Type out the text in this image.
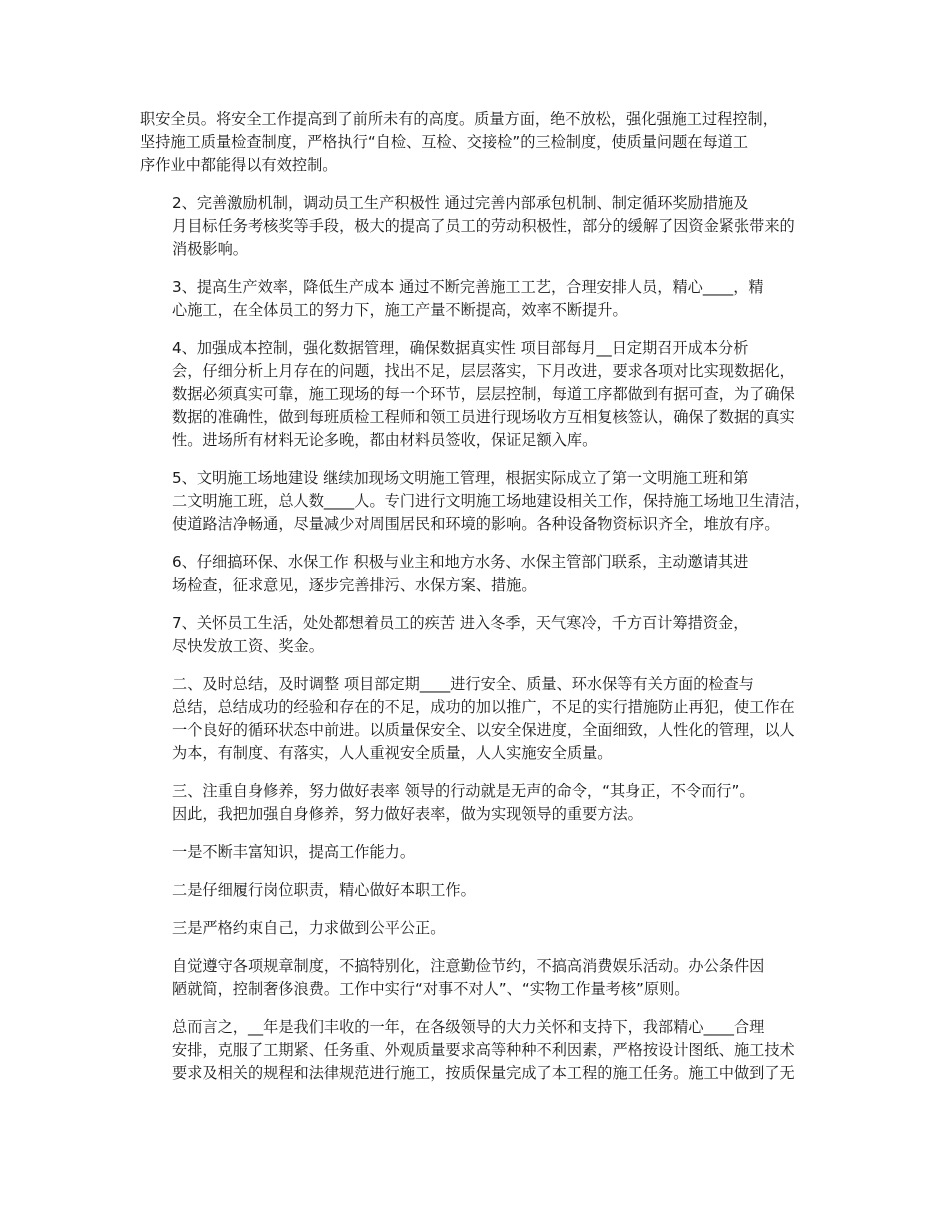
职安全员。将安全工作提高到了前所未有的高度。质量方面，绝不放松，强化强施工过程控制，
坚持施工质量检查制度，严格执行“自检、互检、交接检”的三检制度，使质量问题在每道工
序作业中都能得以有效控制。

2、完善激励机制，调动员工生产积极性 通过完善内部承包机制、制定循环奖励措施及
月目标任务考核奖等手段，极大的提高了员工的劳动积极性，部分的缓解了因资金紧张带来的
消极影响。

3、提高生产效率，降低生产成本 通过不断完善施工工艺，合理安排人员，精心____，精
心施工，在全体员工的努力下，施工产量不断提高，效率不断提升。

4、加强成本控制，强化数据管理，确保数据真实性 项目部每月__日定期召开成本分析
会，仔细分析上月存在的问题，找出不足，层层落实，下月改进，要求各项对比实现数据化，
数据必须真实可靠，施工现场的每一个环节，层层控制，每道工序都做到有据可查，为了确保
数据的准确性，做到每班质检工程师和领工员进行现场收方互相复核签认，确保了数据的真实
性。进场所有材料无论多晚，都由材料员签收，保证足额入库。

5、文明施工场地建设 继续加现场文明施工管理，根据实际成立了第一文明施工班和第
二文明施工班，总人数____人。专门进行文明施工场地建设相关工作，保持施工场地卫生清洁，
使道路洁净畅通，尽量减少对周围居民和环境的影响。各种设备物资标识齐全，堆放有序。

6、仔细搞环保、水保工作 积极与业主和地方水务、水保主管部门联系，主动邀请其进
场检查，征求意见，逐步完善排污、水保方案、措施。

7、关怀员工生活，处处都想着员工的疾苦 进入冬季，天气寒冷，千方百计筹措资金，
尽快发放工资、奖金。

二、及时总结，及时调整 项目部定期____进行安全、质量、环水保等有关方面的检查与
总结，总结成功的经验和存在的不足，成功的加以推广，不足的实行措施防止再犯，使工作在
一个良好的循环状态中前进。以质量保安全、以安全保进度，全面细致，人性化的管理，以人
为本，有制度、有落实，人人重视安全质量，人人实施安全质量。

三、注重自身修养，努力做好表率 领导的行动就是无声的命令，“其身正，不令而行”。
因此，我把加强自身修养，努力做好表率，做为实现领导的重要方法。

一是不断丰富知识，提高工作能力。

二是仔细履行岗位职责，精心做好本职工作。

三是严格约束自己，力求做到公平公正。

自觉遵守各项规章制度，不搞特别化，注意勤俭节约，不搞高消费娱乐活动。办公条件因
陋就简，控制奢侈浪费。工作中实行“对事不对人”、“实物工作量考核”原则。

总而言之，__年是我们丰收的一年，在各级领导的大力关怀和支持下，我部精心____合理
安排，克服了工期紧、任务重、外观质量要求高等种种不利因素，严格按设计图纸、施工技术
要求及相关的规程和法律规范进行施工，按质保量完成了本工程的施工任务。施工中做到了无
